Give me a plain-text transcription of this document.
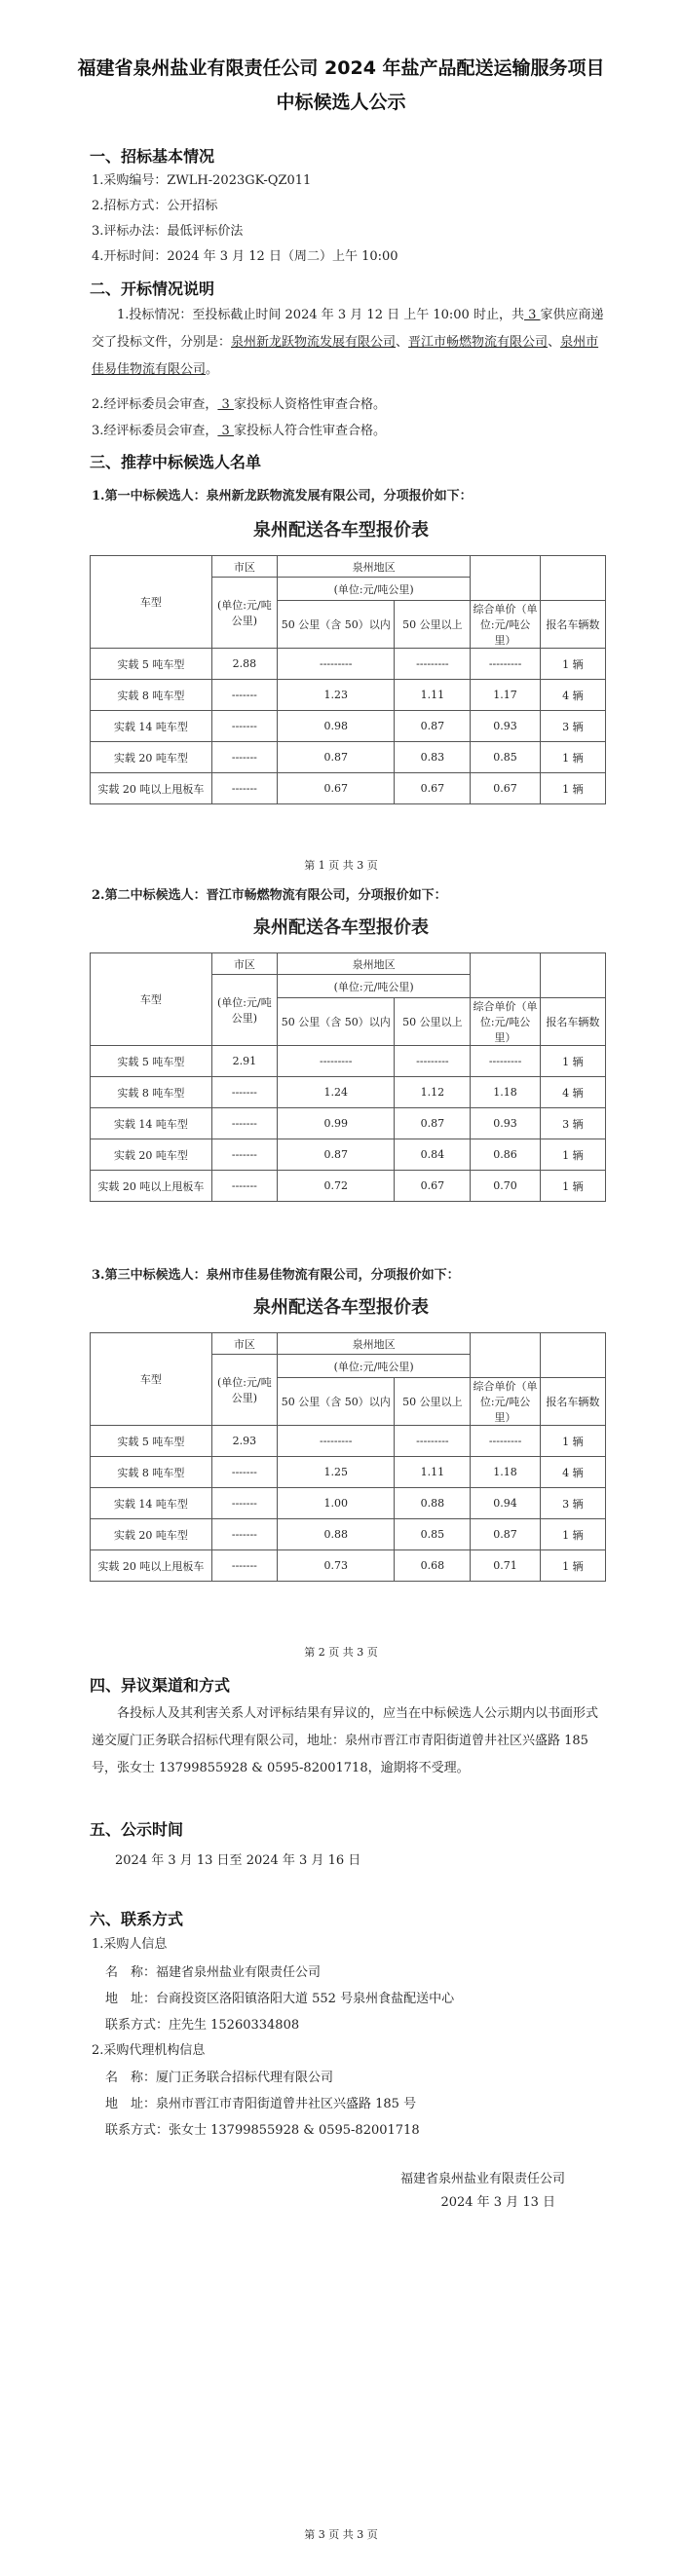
福建省泉州盐业有限责任公司 2024 年盐产品配送运输服务项目
中标候选人公示
一、招标基本情况
1.采购编号：ZWLH-2023GK-QZ011
2.招标方式：公开招标
3.评标办法：最低评标价法
4.开标时间：2024 年 3 月 12 日（周二）上午 10:00
二、开标情况说明
1.投标情况：至投标截止时间 2024 年 3 月 12 日 上午 10:00 时止，共 3 家供应商递交了投标文件，分别是：泉州新龙跃物流发展有限公司、晋江市畅燃物流有限公司、泉州市佳易佳物流有限公司。
2.经评标委员会审查， 3 家投标人资格性审查合格。
3.经评标委员会审查， 3 家投标人符合性审查合格。
三、推荐中标候选人名单
1.第一中标候选人：泉州新龙跃物流发展有限公司，分项报价如下：
泉州配送各车型报价表
车型	市区	泉州地区			
	(单位:元/吨公里)	(单位:元/吨公里)			
		50 公里（含 50）以内	50 公里以上	综合单价（单位:元/吨公里）	报名车辆数
实载 5 吨车型	2.88	---------	---------	---------	1 辆
实载 8 吨车型	-------	1.23	1.11	1.17	4 辆
实载 14 吨车型	-------	0.98	0.87	0.93	3 辆
实载 20 吨车型	-------	0.87	0.83	0.85	1 辆
实载 20 吨以上甩板车	-------	0.67	0.67	0.67	1 辆
第 1 页 共 3 页
2.第二中标候选人：晋江市畅燃物流有限公司，分项报价如下：
泉州配送各车型报价表
车型	市区	泉州地区			
	(单位:元/吨公里)	(单位:元/吨公里)			
		50 公里（含 50）以内	50 公里以上	综合单价（单位:元/吨公里）	报名车辆数
实载 5 吨车型	2.91	---------	---------	---------	1 辆
实载 8 吨车型	-------	1.24	1.12	1.18	4 辆
实载 14 吨车型	-------	0.99	0.87	0.93	3 辆
实载 20 吨车型	-------	0.87	0.84	0.86	1 辆
实载 20 吨以上甩板车	-------	0.72	0.67	0.70	1 辆
3.第三中标候选人：泉州市佳易佳物流有限公司，分项报价如下：
泉州配送各车型报价表
车型	市区	泉州地区			
	(单位:元/吨公里)	(单位:元/吨公里)			
		50 公里（含 50）以内	50 公里以上	综合单价（单位:元/吨公里）	报名车辆数
实载 5 吨车型	2.93	---------	---------	---------	1 辆
实载 8 吨车型	-------	1.25	1.11	1.18	4 辆
实载 14 吨车型	-------	1.00	0.88	0.94	3 辆
实载 20 吨车型	-------	0.88	0.85	0.87	1 辆
实载 20 吨以上甩板车	-------	0.73	0.68	0.71	1 辆
第 2 页 共 3 页
四、异议渠道和方式
各投标人及其利害关系人对评标结果有异议的，应当在中标候选人公示期内以书面形式递交厦门正务联合招标代理有限公司，地址：泉州市晋江市青阳街道曾井社区兴盛路 185 号，张女士 13799855928 & 0595-82001718，逾期将不受理。
五、公示时间
2024 年 3 月 13 日至 2024 年 3 月 16 日
六、联系方式
1.采购人信息
名　称：福建省泉州盐业有限责任公司
地　址：台商投资区洛阳镇洛阳大道 552 号泉州食盐配送中心
联系方式：庄先生 15260334808
2.采购代理机构信息
名　称：厦门正务联合招标代理有限公司
地　址：泉州市晋江市青阳街道曾井社区兴盛路 185 号
联系方式：张女士 13799855928 & 0595-82001718
福建省泉州盐业有限责任公司
2024 年 3 月 13 日
第 3 页 共 3 页
